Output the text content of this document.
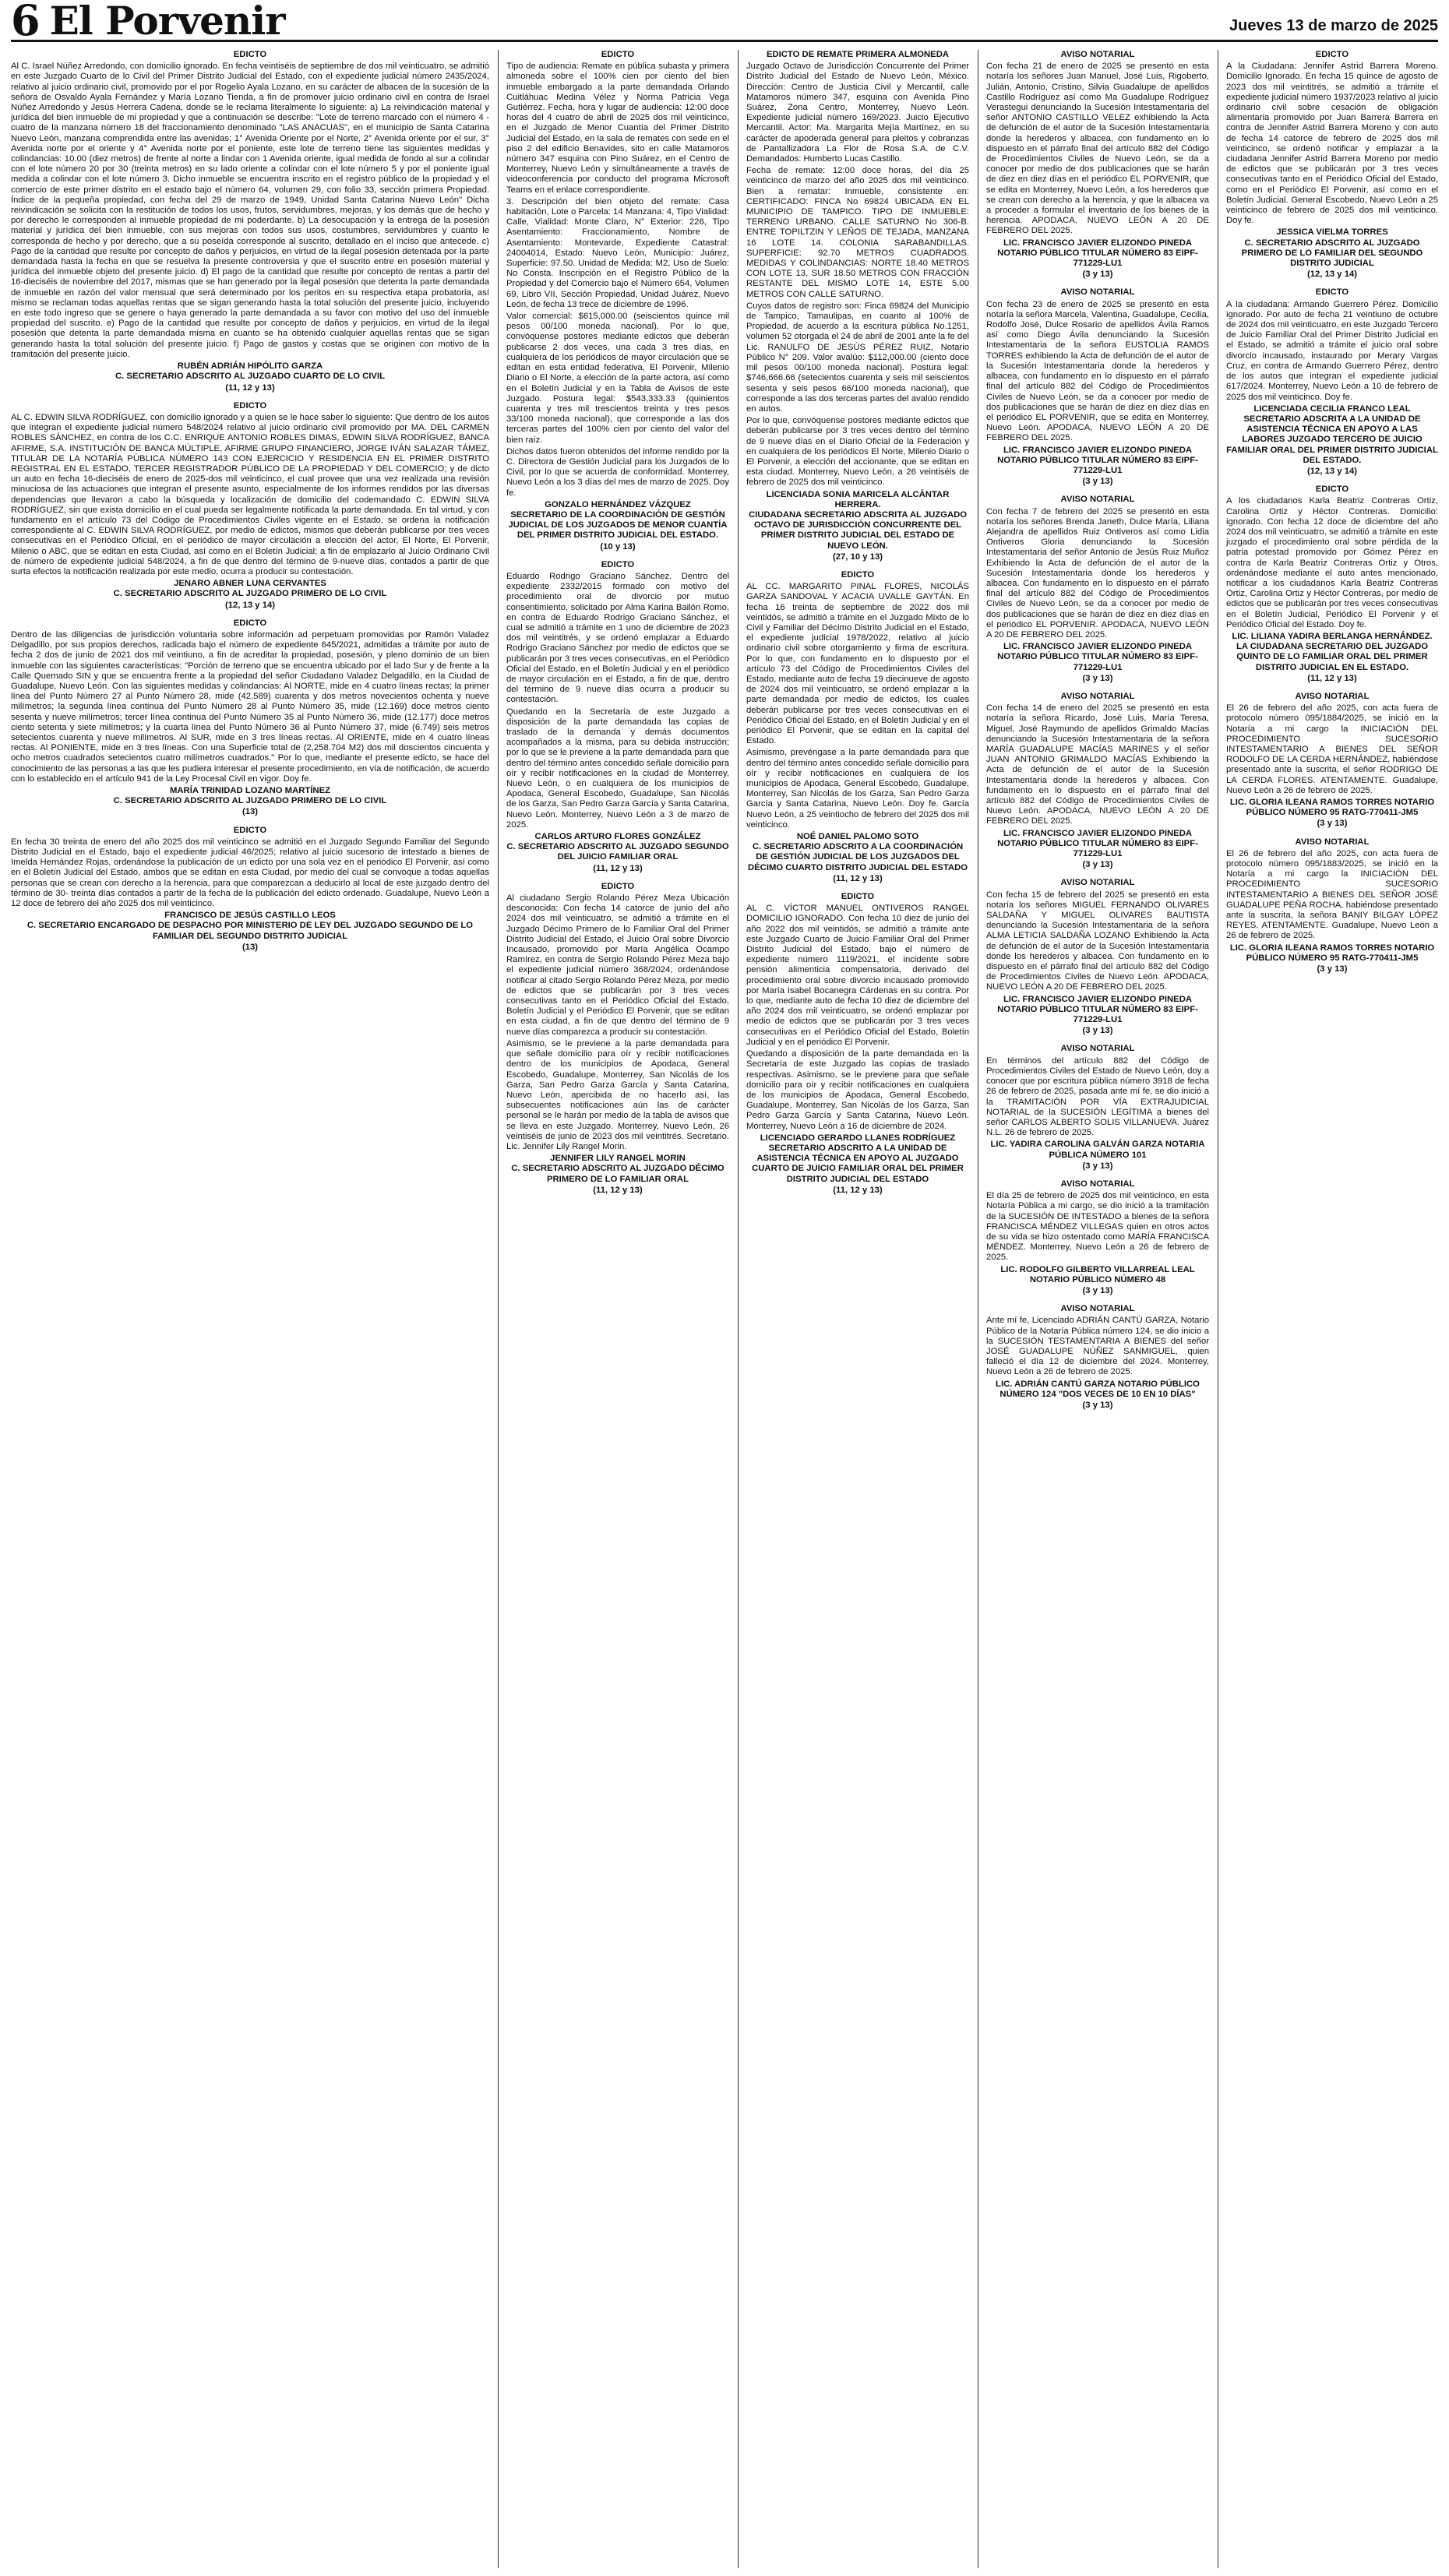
6 El Porvenir	Jueves 13 de marzo de 2025
EDICTO

Al C. Israel Núñez Arredondo, con domicilio ignorado. En fecha veintiséis de septiembre de dos mil veinticuatro, se admitió en este Juzgado Cuarto de lo Civil del Primer Distrito Judicial del Estado, con el expediente judicial número 2435/2024, relativo al juicio ordinario civil, promovido por el por Rogelio Ayala Lozano, en su carácter de albacea de la sucesión de la señora de Osvaldo Ayala Fernández y María Lozano Tienda, a fin de promover juicio ordinario civil en contra de Israel Núñez Arredondo y Jesús Herrera Cadena, donde se le reclama literalmente lo siguiente: a) La reivindicación material y jurídica del bien inmueble de mi propiedad y que a continuación se describe: "Lote de terreno marcado con el número 4 -cuatro de la manzana número 18 del fraccionamiento denominado "LAS ANACUAS", en el municipio de Santa Catarina Nuevo León, manzana comprendida entre las avenidas; 1° Avenida Oriente por el Norte, 2° Avenida oriente por el sur, 3° Avenida norte por el oriente y 4° Avenida norte por el poniente, este lote de terreno tiene las siguientes medidas y colindancias: 10.00 (diez metros) de frente al norte a lindar con 1 Avenida oriente, igual medida de fondo al sur a colindar con el lote número 20 por 30 (treinta metros) en su lado oriente a colindar con el lote número 5 y por el poniente igual medida a colindar con el lote número 3. Dicho inmueble se encuentra inscrito en el registro público de la propiedad y el comercio de este primer distrito en el estado bajo el número 64, volumen 29, con folio 33, sección primera Propiedad. Índice de la pequeña propiedad, con fecha del 29 de marzo de 1949, Unidad Santa Catarina Nuevo León" Dicha reivindicación se solicita con la restitución de todos los usos, frutos, servidumbres, mejoras, y los demás que de hecho y por derecho le corresponden al inmueble propiedad de mi poderdante. b) La desocupación y la entrega de la posesión material y jurídica del bien inmueble, con sus mejoras con todos sus usos, costumbres, servidumbres y cuanto le corresponda de hecho y por derecho, que a su poseída corresponde al suscrito, detallado en el inciso que antecede. c) Pago de la cantidad que resulte por concepto de daños y perjuicios, en virtud de la ilegal posesión detentada por la parte demandada hasta la fecha en que se resuelva la presente controversia y que el suscrito entre en posesión material y jurídica del inmueble objeto del presente juicio. d) El pago de la cantidad que resulte por concepto de rentas a partir del 16-dieciséis de noviembre del 2017, mismas que se han generado por la ilegal posesión que detenta la parte demandada de inmueble en razón del valor mensual que será determinado por los peritos en su respectiva etapa probatoria, así mismo se reclaman todas aquellas rentas que se sigan generando hasta la total solución del presente juicio, incluyendo en este todo ingreso que se genere o haya generado la parte demandada a su favor con motivo del uso del inmueble propiedad del suscrito. e) Pago de la cantidad que resulte por concepto de daños y perjuicios, en virtud de la ilegal posesión que detenta la parte demandada misma en cuanto se ha obtenido cualquier aquellas rentas que se sigan generando hasta la total solución del presente juicio. f) Pago de gastos y costas que se originen con motivo de la tramitación del presente juicio.

RUBÉN ADRIÁN HIPÓLITO GARZA
C. SECRETARIO ADSCRITO AL JUZGADO CUARTO DE LO CIVIL
(11, 12 y 13)
EDICTO

AL C. EDWIN SILVA RODRÍGUEZ, con domicilio ignorado y a quien se le hace saber lo siguiente: Que dentro de los autos que integran el expediente judicial número 548/2024 relativo al juicio ordinario civil promovido por MA. DEL CARMEN ROBLES SÁNCHEZ, en contra de los C.C. ENRIQUE ANTONIO ROBLES DIMAS, EDWIN SILVA RODRÍGUEZ, BANCA AFIRME, S.A. INSTITUCIÓN DE BANCA MÚLTIPLE, AFIRME GRUPO FINANCIERO, JORGE IVÁN SALAZAR TÁMEZ, TITULAR DE LA NOTARÍA PÚBLICA NÚMERO 143 CON EJERCICIO Y RESIDENCIA EN EL PRIMER DISTRITO REGISTRAL EN EL ESTADO, TERCER REGISTRADOR PÚBLICO DE LA PROPIEDAD Y DEL COMERCIO; y de dicto un auto en fecha 16-dieciséis de enero de 2025-dos mil veinticinco, el cual provee que una vez realizada una revisión minuciosa de las actuaciones que integran el presente asunto, especialmente de los informes rendidos por las diversas dependencias que llevaron a cabo la búsqueda y localización de domicilio del codemandado C. EDWIN SILVA RODRÍGUEZ, sin que exista domicilio en el cual pueda ser legalmente notificada la parte demandada. En tal virtud, y con fundamento en el artículo 73 del Código de Procedimientos Civiles vigente en el Estado, se ordena la notificación correspondiente al C. EDWIN SILVA RODRÍGUEZ, por medio de edictos, mismos que deberán publicarse por tres veces consecutivas en el Periódico Oficial, en el periódico de mayor circulación a elección del actor, El Norte, El Porvenir, Milenio o ABC, que se editan en esta Ciudad, así como en el Boletín Judicial; a fin de emplazarlo al Juicio Ordinario Civil de número de expediente judicial 548/2024, a fin de que dentro del término de 9-nueve días, contados a partir de que surta efectos la notificación realizada por este medio, ocurra a producir su contestación.

JENARO ABNER LUNA CERVANTES
C. SECRETARIO ADSCRITO AL JUZGADO PRIMERO DE LO CIVIL
(12, 13 y 14)
EDICTO

Dentro de las diligencias de jurisdicción voluntaria sobre información ad perpetuam promovidas por Ramón Valadez Delgadillo, por sus propios derechos, radicada bajo el número de expediente 645/2021, admitidas a trámite por auto de fecha 2 dos de junio de 2021 dos mil veintiuno, a fin de acreditar la propiedad, posesión, y pleno dominio de un bien inmueble con las siguientes características: "Porción de terreno que se encuentra ubicado por el lado Sur y de frente a la Calle Quemado SIN y que se encuentra frente a la propiedad del señor Ciudadano Valadez Delgadillo, en la Ciudad de Guadalupe, Nuevo León. Con las siguientes medidas y colindancias: Al NORTE, mide en 4 cuatro líneas rectas; la primer línea del Punto Número 27 al Punto Número 28, mide (42.589) cuarenta y dos metros novecientos ochenta y nueve milímetros; la segunda línea continua del Punto Número 28 al Punto Número 35, mide (12.169) doce metros ciento sesenta y nueve milímetros; tercer línea continua del Punto Número 35 al Punto Número 36, mide (12.177) doce metros ciento setenta y siete milímetros; y la cuarta línea del Punto Número 36 al Punto Número 37, mide (6.749) seis metros setecientos cuarenta y nueve milímetros. Al SUR, mide en 3 tres líneas rectas. Al ORIENTE, mide en 4 cuatro líneas rectas. Al PONIENTE, mide en 3 tres líneas. Con una Superficie total de (2,258.704 M2) dos mil doscientos cincuenta y ocho metros cuadrados setecientos cuatro milímetros cuadrados." Por lo que, mediante el presente edicto, se hace del conocimiento de las personas a las que les pudiera interesar el presente procedimiento, en vía de notificación, de acuerdo con lo establecido en el artículo 941 de la Ley Procesal Civil en vigor. Doy fe.

MARÍA TRINIDAD LOZANO MARTÍNEZ
C. SECRETARIO ADSCRITO AL JUZGADO PRIMERO DE LO CIVIL
(13)
EDICTO

En fecha 30 treinta de enero del año 2025 dos mil veinticinco se admitió en el Juzgado Segundo Familiar del Segundo Distrito Judicial en el Estado, bajo el expediente judicial 46/2025; relativo al juicio sucesorio de intestado a bienes de Imelda Hernández Rojas, ordenándose la publicación de un edicto por una sola vez en el periódico El Porvenir, así como en el Boletín Judicial del Estado, ambos que se editan en esta Ciudad, por medio del cual se convoque a todas aquellas personas que se crean con derecho a la herencia, para que comparezcan a deducirlo al local de este juzgado dentro del término de 30- treinta días contados a partir de la fecha de la publicación del edicto ordenado. Guadalupe, Nuevo León a 12 doce de febrero del año 2025 dos mil veinticinco.

FRANCISCO DE JESÚS CASTILLO LEOS
C. SECRETARIO ENCARGADO DE DESPACHO POR MINISTERIO DE LEY DEL JUZGADO SEGUNDO DE LO FAMILIAR DEL SEGUNDO DISTRITO JUDICIAL
(13)
EDICTO

Tipo de audiencia: Remate en pública subasta y primera almoneda sobre el 100% cien por ciento del bien inmueble embargado a la parte demandada Orlando Cuitláhuac Medina Vélez y Norma Patricia Vega Gutiérrez. Fecha, hora y lugar de audiencia: 12:00 doce horas del 4 cuatro de abril de 2025 dos mil veinticinco, en el Juzgado de Menor Cuantía del Primer Distrito Judicial del Estado, en la sala de remates con sede en el piso 2 del edificio Benavides, sito en calle Matamoros número 347 esquina con Pino Suárez, en el Centro de Monterrey, Nuevo León y simultáneamente a través de videoconferencia por conducto del programa Microsoft Teams en el enlace correspondiente.

3. Descripción del bien objeto del remate: Casa habitación, Lote o Parcela: 14 Manzana: 4, Tipo Vialidad: Calle, Vialidad: Monte Claro, N° Exterior: 226, Tipo Asentamiento: Fraccionamiento, Nombre de Asentamiento: Montevarde, Expediente Catastral: 24004014, Estado: Nuevo León, Municipio: Juárez, Superficie: 97.50. Unidad de Medida: M2, Uso de Suelo: No Consta. Inscripción en el Registro Público de la Propiedad y del Comercio bajo el Número 654, Volumen 69, Libro VII, Sección Propiedad, Unidad Juárez, Nuevo León, de fecha 13 trece de diciembre de 1996.

Valor comercial: $615,000.00 (seiscientos quince mil pesos 00/100 moneda nacional). Por lo que, convóquense postores mediante edictos que deberán publicarse 2 dos veces, una cada 3 tres días, en cualquiera de los periódicos de mayor circulación que se editan en esta entidad federativa, El Porvenir, Milenio Diario o El Norte, a elección de la parte actora, así como en el Boletín Judicial y en la Tabla de Avisos de este Juzgado. Postura legal: $543,333.33 (quinientos cuarenta y tres mil trescientos treinta y tres pesos 33/100 moneda nacional), que corresponde a las dos terceras partes del 100% cien por ciento del valor del bien raíz.

Dichos datos fueron obtenidos del informe rendido por la C. Directora de Gestión Judicial para los Juzgados de lo Civil, por lo que se acuerda de conformidad. Monterrey, Nuevo León a los 3 días del mes de marzo de 2025. Doy fe.

GONZALO HERNÁNDEZ VÁZQUEZ
SECRETARIO DE LA COORDINACIÓN DE GESTIÓN JUDICIAL DE LOS JUZGADOS DE MENOR CUANTÍA DEL PRIMER DISTRITO JUDICIAL DEL ESTADO.
(10 y 13)
EDICTO

Eduardo Rodrigo Graciano Sánchez. Dentro del expediente 2332/2015 formado con motivo del procedimiento oral de divorcio por mutuo consentimiento, solicitado por Alma Karina Bailón Romo, en contra de Eduardo Rodrigo Graciano Sánchez, el cual se admitió a trámite en 1 uno de diciembre de 2023 dos mil veintitrés, y se ordenó emplazar a Eduardo Rodrigo Graciano Sánchez por medio de edictos que se publicarán por 3 tres veces consecutivas, en el Periódico Oficial del Estado, en el Boletín Judicial y en el periódico de mayor circulación en el Estado, a fin de que, dentro del término de 9 nueve días ocurra a producir su contestación.

Quedando en la Secretaría de este Juzgado a disposición de la parte demandada las copias de traslado de la demanda y demás documentos acompañados a la misma, para su debida instrucción; por lo que se le previene a la parte demandada para que dentro del término antes concedido señale domicilio para oír y recibir notificaciones en la ciudad de Monterrey, Nuevo León, o en cualquiera de los municipios de Apodaca, General Escobedo, Guadalupe, San Nicolás de los Garza, San Pedro Garza García y Santa Catarina, Nuevo León. Monterrey, Nuevo León a 3 de marzo de 2025.

CARLOS ARTURO FLORES GONZÁLEZ
C. SECRETARIO ADSCRITO AL JUZGADO SEGUNDO DEL JUICIO FAMILIAR ORAL
(11, 12 y 13)
EDICTO

Al ciudadano Sergio Rolando Pérez Meza Ubicación desconocida: Con fecha 14 catorce de junio del año 2024 dos mil veinticuatro, se admitió a trámite en el Juzgado Décimo Primero de lo Familiar Oral del Primer Distrito Judicial del Estado, el Juicio Oral sobre Divorcio Incausado, promovido por María Angélica Ocampo Ramírez, en contra de Sergio Rolando Pérez Meza bajo el expediente judicial número 368/2024, ordenándose notificar al citado Sergio Rolando Pérez Meza, por medio de edictos que se publicarán por 3 tres veces consecutivas tanto en el Periódico Oficial del Estado, Boletín Judicial y el Periódico El Porvenir, que se editan en esta ciudad, a fin de que dentro del término de 9 nueve días comparezca a producir su contestación.

Asimismo, se le previene a la parte demandada para que señale domicilio para oír y recibir notificaciones dentro de los municipios de Apodaca, General Escobedo, Guadalupe, Monterrey, San Nicolás de los Garza, San Pedro Garza García y Santa Catarina, Nuevo León, apercibida de no hacerlo así, las subsecuentes notificaciones aún las de carácter personal se le harán por medio de la tabla de avisos que se lleva en este Juzgado. Monterrey, Nuevo León, 26 veintiséis de junio de 2023 dos mil veintitrés. Secretario. Lic. Jennifer Lily Rangel Morin.

JENNIFER LILY RANGEL MORIN
C. SECRETARIO ADSCRITO AL JUZGADO DÉCIMO PRIMERO DE LO FAMILIAR ORAL
(11, 12 y 13)
EDICTO DE REMATE PRIMERA ALMONEDA

Juzgado Octavo de Jurisdicción Concurrente del Primer Distrito Judicial del Estado de Nuevo León, México. Dirección: Centro de Justicia Civil y Mercantil, calle Matamoros número 347, esquina con Avenida Pino Suárez, Zona Centro, Monterrey, Nuevo León. Expediente judicial número 169/2023. Juicio Ejecutivo Mercantil. Actor: Ma. Margarita Mejía Martínez, en su carácter de apoderada general para pleitos y cobranzas de Pantallizadora La Flor de Rosa S.A. de C.V. Demandados: Humberto Lucas Castillo.

Fecha de remate: 12:00 doce horas, del día 25 veinticinco de marzo del año 2025 dos mil veinticinco. Bien a rematar: Inmueble, consistente en: CERTIFICADO: FINCA No 69824 UBICADA EN EL MUNICIPIO DE TAMPICO. TIPO DE INMUEBLE: TERRENO URBANO. CALLE SATURNO No 306-B. ENTRE TOPILTZIN Y LEÑOS DE TEJADA, MANZANA 16 LOTE 14. COLONIA SARABANDILLAS. SUPERFICIE: 92.70 METROS CUADRADOS. MEDIDAS Y COLINDANCIAS: NORTE 18.40 METROS CON LOTE 13, SUR 18.50 METROS CON FRACCIÓN RESTANTE DEL MISMO LOTE 14, ESTE 5.00 METROS CON CALLE SATURNO.

Cuyos datos de registro son: Finca 69824 del Municipio de Tampico, Tamaulipas, en cuanto al 100% de Propiedad, de acuerdo a la escritura pública No.1251, volumen 52 otorgada el 24 de abril de 2001 ante la fe del Lic. RANULFO DE JESÚS PÉREZ RUIZ, Notario Público N° 209. Valor avalúo: $112,000.00 (ciento doce mil pesos 00/100 moneda nacional). Postura legal: $746,666.66 (setecientos cuarenta y seis mil seiscientos sesenta y seis pesos 66/100 moneda nacional), que corresponde a las dos terceras partes del avalúo rendido en autos.

Por lo que, convóquense postores mediante edictos que deberán publicarse por 3 tres veces dentro del término de 9 nueve días en el Diario Oficial de la Federación y en cualquiera de los periódicos El Norte, Milenio Diario o El Porvenir, a elección del accionante, que se editan en esta ciudad. Monterrey, Nuevo León, a 26 veintiséis de febrero de 2025 dos mil veinticinco.

LICENCIADA SONIA MARICELA ALCÁNTAR HERRERA.
CIUDADANA SECRETARIO ADSCRITA AL JUZGADO OCTAVO DE JURISDICCIÓN CONCURRENTE DEL PRIMER DISTRITO JUDICIAL DEL ESTADO DE NUEVO LEÓN.
(27, 10 y 13)
EDICTO

AL CC. MARGARITO PINAL FLORES, NICOLÁS GARZA SANDOVAL Y ACACIA UVALLE GAYTÁN. En fecha 16 treinta de septiembre de 2022 dos mil veintidós, se admitió a trámite en el Juzgado Mixto de lo Civil y Familiar del Décimo Distrito Judicial en el Estado, el expediente judicial 1978/2022, relativo al juicio ordinario civil sobre otorgamiento y firma de escritura. Por lo que, con fundamento en lo dispuesto por el artículo 73 del Código de Procedimientos Civiles del Estado, mediante auto de fecha 19 diecinueve de agosto de 2024 dos mil veinticuatro, se ordenó emplazar a la parte demandada por medio de edictos, los cuales deberán publicarse por tres veces consecutivas en el Periódico Oficial del Estado, en el Boletín Judicial y en el periódico El Porvenir, que se editan en la capital del Estado.

Asimismo, prevéngase a la parte demandada para que dentro del término antes concedido señale domicilio para oír y recibir notificaciones en cualquiera de los municipios de Apodaca, General Escobedo, Guadalupe, Monterrey, San Nicolás de los Garza, San Pedro Garza García y Santa Catarina, Nuevo León. Doy fe. García Nuevo León, a 25 veintiocho de febrero del 2025 dos mil veinticinco.

NOÉ DANIEL PALOMO SOTO
C. SECRETARIO ADSCRITO A LA COORDINACIÓN DE GESTIÓN JUDICIAL DE LOS JUZGADOS DEL DÉCIMO CUARTO DISTRITO JUDICIAL DEL ESTADO
(11, 12 y 13)
EDICTO

AL C. VÍCTOR MANUEL ONTIVEROS RANGEL DOMICILIO IGNORADO. Con fecha 10 diez de junio del año 2022 dos mil veintidós, se admitió a trámite ante este Juzgado Cuarto de Juicio Familiar Oral del Primer Distrito Judicial del Estado, bajo el número de expediente número 1119/2021, el incidente sobre pensión alimenticia compensatoria, derivado del procedimiento oral sobre divorcio incausado promovido por María Isabel Bocanegra Cárdenas en su contra. Por lo que, mediante auto de fecha 10 diez de diciembre del año 2024 dos mil veinticuatro, se ordenó emplazar por medio de edictos que se publicarán por 3 tres veces consecutivas en el Periódico Oficial del Estado, Boletín Judicial y en el periódico El Porvenir.

Quedando a disposición de la parte demandada en la Secretaría de este Juzgado las copias de traslado respectivas. Asimismo, se le previene para que señale domicilio para oír y recibir notificaciones en cualquiera de los municipios de Apodaca, General Escobedo, Guadalupe, Monterrey, San Nicolás de los Garza, San Pedro Garza García y Santa Catarina, Nuevo León. Monterrey, Nuevo León a 16 de diciembre de 2024.

LICENCIADO GERARDO LLANES RODRÍGUEZ
SECRETARIO ADSCRITO A LA UNIDAD DE ASISTENCIA TÉCNICA EN APOYO AL JUZGADO CUARTO DE JUICIO FAMILIAR ORAL DEL PRIMER DISTRITO JUDICIAL DEL ESTADO
(11, 12 y 13)
AVISO NOTARIAL

Con fecha 21 de enero de 2025 se presentó en esta notaría los señores Juan Manuel, José Luis, Rigoberto, Julián, Antonio, Cristino, Silvia Guadalupe de apellidos Castillo Rodríguez así como Ma Guadalupe Rodríguez Verastegui denunciando la Sucesión Intestamentaria del señor ANTONIO CASTILLO VELEZ exhibiendo la Acta de defunción de el autor de la Sucesión Intestamentaria donde la herederos y albacea, con fundamento en lo dispuesto en el párrafo final del artículo 882 del Código de Procedimientos Civiles de Nuevo León, se da a conocer por medio de dos publicaciones que se harán de diez en diez días en el periódico EL PORVENIR, que se edita en Monterrey, Nuevo León, a los herederos que se crean con derecho a la herencia, y que la albacea va a proceder a formular el inventario de los bienes de la herencia. APODACA, NUEVO LEÓN A 20 DE FEBRERO DEL 2025.

LIC. FRANCISCO JAVIER ELIZONDO PINEDA NOTARIO PÚBLICO TITULAR NÚMERO 83 EIPF-771229-LU1
(3 y 13)
AVISO NOTARIAL

Con fecha 23 de enero de 2025 se presentó en esta notaría la señora Marcela, Valentina, Guadalupe, Cecilia, Rodolfo José, Dulce Rosario de apellidos Ávila Ramos así como Diego Ávila denunciando la Sucesión Intestamentaria de la señora EUSTOLIA RAMOS TORRES exhibiendo la Acta de defunción de el autor de la Sucesión Intestamentaria donde la herederos y albacea, con fundamento en lo dispuesto en el párrafo final del artículo 882 del Código de Procedimientos Civiles de Nuevo León, se da a conocer por medio de dos publicaciones que se harán de diez en diez días en el periódico EL PORVENIR, que se edita en Monterrey, Nuevo León. APODACA, NUEVO LEÓN A 20 DE FEBRERO DEL 2025.

LIC. FRANCISCO JAVIER ELIZONDO PINEDA NOTARIO PÚBLICO TITULAR NÚMERO 83 EIPF-771229-LU1
(3 y 13)
AVISO NOTARIAL

Con fecha 7 de febrero del 2025 se presentó en esta notaría los señores Brenda Janeth, Dulce María, Liliana Alejandra de apellidos Ruiz Ontiveros así como Lidia Ontiveros Gloria denunciando la Sucesión Intestamentaria del señor Antonio de Jesús Ruiz Muñoz Exhibiendo la Acta de defunción de el autor de la Sucesión Intestamentaria donde los herederos y albacea. Con fundamento en lo dispuesto en el párrafo final del artículo 882 del Código de Procedimientos Civiles de Nuevo León, se da a conocer por medio de dos publicaciones que se harán de diez en diez días en el periódico EL PORVENIR. APODACA, NUEVO LEÓN A 20 DE FEBRERO DEL 2025.

LIC. FRANCISCO JAVIER ELIZONDO PINEDA NOTARIO PÚBLICO TITULAR NÚMERO 83 EIPF-771229-LU1
(3 y 13)
AVISO NOTARIAL

Con fecha 14 de enero del 2025 se presentó en esta notaría la señora Ricardo, José Luis, María Teresa, Miguel, José Raymundo de apellidos Grimaldo Macías denunciando la Sucesión Intestamentaria de la señora MARÍA GUADALUPE MACÍAS MARINES y el señor JUAN ANTONIO GRIMALDO MACÍAS Exhibiendo la Acta de defunción de el autor de la Sucesión Intestamentaria donde la herederos y albacea. Con fundamento en lo dispuesto en el párrafo final del artículo 882 del Código de Procedimientos Civiles de Nuevo León. APODACA, NUEVO LEÓN A 20 DE FEBRERO DEL 2025.

LIC. FRANCISCO JAVIER ELIZONDO PINEDA NOTARIO PÚBLICO TITULAR NÚMERO 83 EIPF-771229-LU1
(3 y 13)
AVISO NOTARIAL

Con fecha 15 de febrero del 2025 se presentó en esta notaría los señores MIGUEL FERNANDO OLIVARES SALDAÑA Y MIGUEL OLIVARES BAUTISTA denunciando la Sucesión Intestamentaria de la señora ALMA LETICIA SALDAÑA LOZANO Exhibiendo la Acta de defunción de el autor de la Sucesión Intestamentaria donde los herederos y albacea. Con fundamento en lo dispuesto en el párrafo final del artículo 882 del Código de Procedimientos Civiles de Nuevo León. APODACA, NUEVO LEÓN A 20 DE FEBRERO DEL 2025.

LIC. FRANCISCO JAVIER ELIZONDO PINEDA NOTARIO PÚBLICO TITULAR NÚMERO 83 EIPF-771229-LU1
(3 y 13)
AVISO NOTARIAL

En términos del artículo 882 del Código de Procedimientos Civiles del Estado de Nuevo León, doy a conocer que por escritura pública número 3918 de fecha 26 de febrero de 2025, pasada ante mí fe, se dio inició a la TRAMITACIÓN POR VÍA EXTRAJUDICIAL NOTARIAL de la SUCESIÓN LEGÍTIMA a bienes del señor CARLOS ALBERTO SOLIS VILLANUEVA. Juárez N.L. 26 de febrero de 2025.

LIC. YADIRA CAROLINA GALVÁN GARZA NOTARIA PÚBLICA NÚMERO 101
(3 y 13)
AVISO NOTARIAL

El día 25 de febrero de 2025 dos mil veinticinco, en esta Notaría Pública a mi cargo, se dio inició a la tramitación de la SUCESIÓN DE INTESTADO a bienes de la señora FRANCISCA MÉNDEZ VILLEGAS quien en otros actos de su vida se hizo ostentado como MARÍA FRANCISCA MÉNDEZ. Monterrey, Nuevo León a 26 de febrero de 2025.

LIC. RODOLFO GILBERTO VILLARREAL LEAL NOTARIO PÚBLICO NÚMERO 48
(3 y 13)
AVISO NOTARIAL

Ante mí fe, Licenciado ADRIÁN CANTÚ GARZA, Notario Público de la Notaría Pública número 124, se dio inicio a la SUCESIÓN TESTAMENTARIA A BIENES del señor JOSÉ GUADALUPE NÚÑEZ SANMIGUEL, quien falleció el día 12 de diciembre del 2024. Monterrey, Nuevo León a 26 de febrero de 2025.

LIC. ADRIÁN CANTÚ GARZA NOTARIO PÚBLICO NÚMERO 124 "DOS VECES DE 10 EN 10 DÍAS"
(3 y 13)
EDICTO

A la Ciudadana: Jennifer Astrid Barrera Moreno. Domicilio Ignorado. En fecha 15 quince de agosto de 2023 dos mil veintitrés, se admitió a trámite el expediente judicial número 1937/2023 relativo al juicio ordinario civil sobre cesación de obligación alimentaria promovido por Juan Barrera Barrera en contra de Jennifer Astrid Barrera Moreno y con auto de fecha 14 catorce de febrero de 2025 dos mil veinticinco, se ordenó notificar y emplazar a la ciudadana Jennifer Astrid Barrera Moreno por medio de edictos que se publicarán por 3 tres veces consecutivas tanto en el Periódico Oficial del Estado, como en el Periódico El Porvenir, así como en el Boletín Judicial. General Escobedo, Nuevo León a 25 veinticinco de febrero de 2025 dos mil veinticinco. Doy fe.

JESSICA VIELMA TORRES
C. SECRETARIO ADSCRITO AL JUZGADO PRIMERO DE LO FAMILIAR DEL SEGUNDO DISTRITO JUDICIAL
(12, 13 y 14)
EDICTO

A la ciudadana: Armando Guerrero Pérez. Domicilio ignorado. Por auto de fecha 21 veintiuno de octubre de 2024 dos mil veinticuatro, en este Juzgado Tercero de Juicio Familiar Oral del Primer Distrito Judicial en el Estado, se admitió a trámite el juicio oral sobre divorcio incausado, instaurado por Merary Vargas Cruz, en contra de Armando Guerrero Pérez, dentro de los autos que integran el expediente judicial 617/2024. Monterrey, Nuevo León a 10 de febrero de 2025 dos mil veinticinco. Doy fe.

LICENCIADA CECILIA FRANCO LEAL
SECRETARIO ADSCRITA A LA UNIDAD DE ASISTENCIA TÉCNICA EN APOYO A LAS LABORES JUZGADO TERCERO DE JUICIO FAMILIAR ORAL DEL PRIMER DISTRITO JUDICIAL DEL ESTADO.
(12, 13 y 14)
EDICTO

A los ciudadanos Karla Beatriz Contreras Ortiz, Carolina Ortiz y Héctor Contreras. Domicilio: ignorado. Con fecha 12 doce de diciembre del año 2024 dos mil veinticuatro, se admitió a trámite en este juzgado el procedimiento oral sobre pérdida de la patria potestad promovido por Gómez Pérez en contra de Karla Beatriz Contreras Ortiz y Otros, ordenándose mediante el auto antes mencionado, notificar a los ciudadanos Karla Beatriz Contreras Ortiz, Carolina Ortiz y Héctor Contreras, por medio de edictos que se publicarán por tres veces consecutivas en el Boletín Judicial, Periódico El Porvenir y el Periódico Oficial del Estado. Doy fe.

LIC. LILIANA YADIRA BERLANGA HERNÁNDEZ.
LA CIUDADANA SECRETARIO DEL JUZGADO QUINTO DE LO FAMILIAR ORAL DEL PRIMER DISTRITO JUDICIAL EN EL ESTADO.
(11, 12 y 13)
AVISO NOTARIAL

El 26 de febrero del año 2025, con acta fuera de protocolo número 095/1884/2025, se inició en la Notaría a mi cargo la INICIACIÓN DEL PROCEDIMIENTO SUCESORIO INTESTAMENTARIO A BIENES DEL SEÑOR RODOLFO DE LA CERDA HERNÁNDEZ, habiéndose presentado ante la suscrita, el señor RODRIGO DE LA CERDA FLORES. ATENTAMENTE. Guadalupe, Nuevo León a 26 de febrero de 2025.

LIC. GLORIA ILEANA RAMOS TORRES NOTARIO PÚBLICO NÚMERO 95 RATG-770411-JM5
(3 y 13)
AVISO NOTARIAL

El 26 de febrero del año 2025, con acta fuera de protocolo número 095/1883/2025, se inició en la Notaría a mi cargo la INICIACIÓN DEL PROCEDIMIENTO SUCESORIO INTESTAMENTARIO A BIENES DEL SEÑOR JOSÉ GUADALUPE PEÑA ROCHA, habiéndose presentado ante la suscrita, la señora BANIY BILGAY LÓPEZ REYES. ATENTAMENTE. Guadalupe, Nuevo León a 26 de febrero de 2025.

LIC. GLORIA ILEANA RAMOS TORRES NOTARIO PÚBLICO NÚMERO 95 RATG-770411-JM5
(3 y 13)
